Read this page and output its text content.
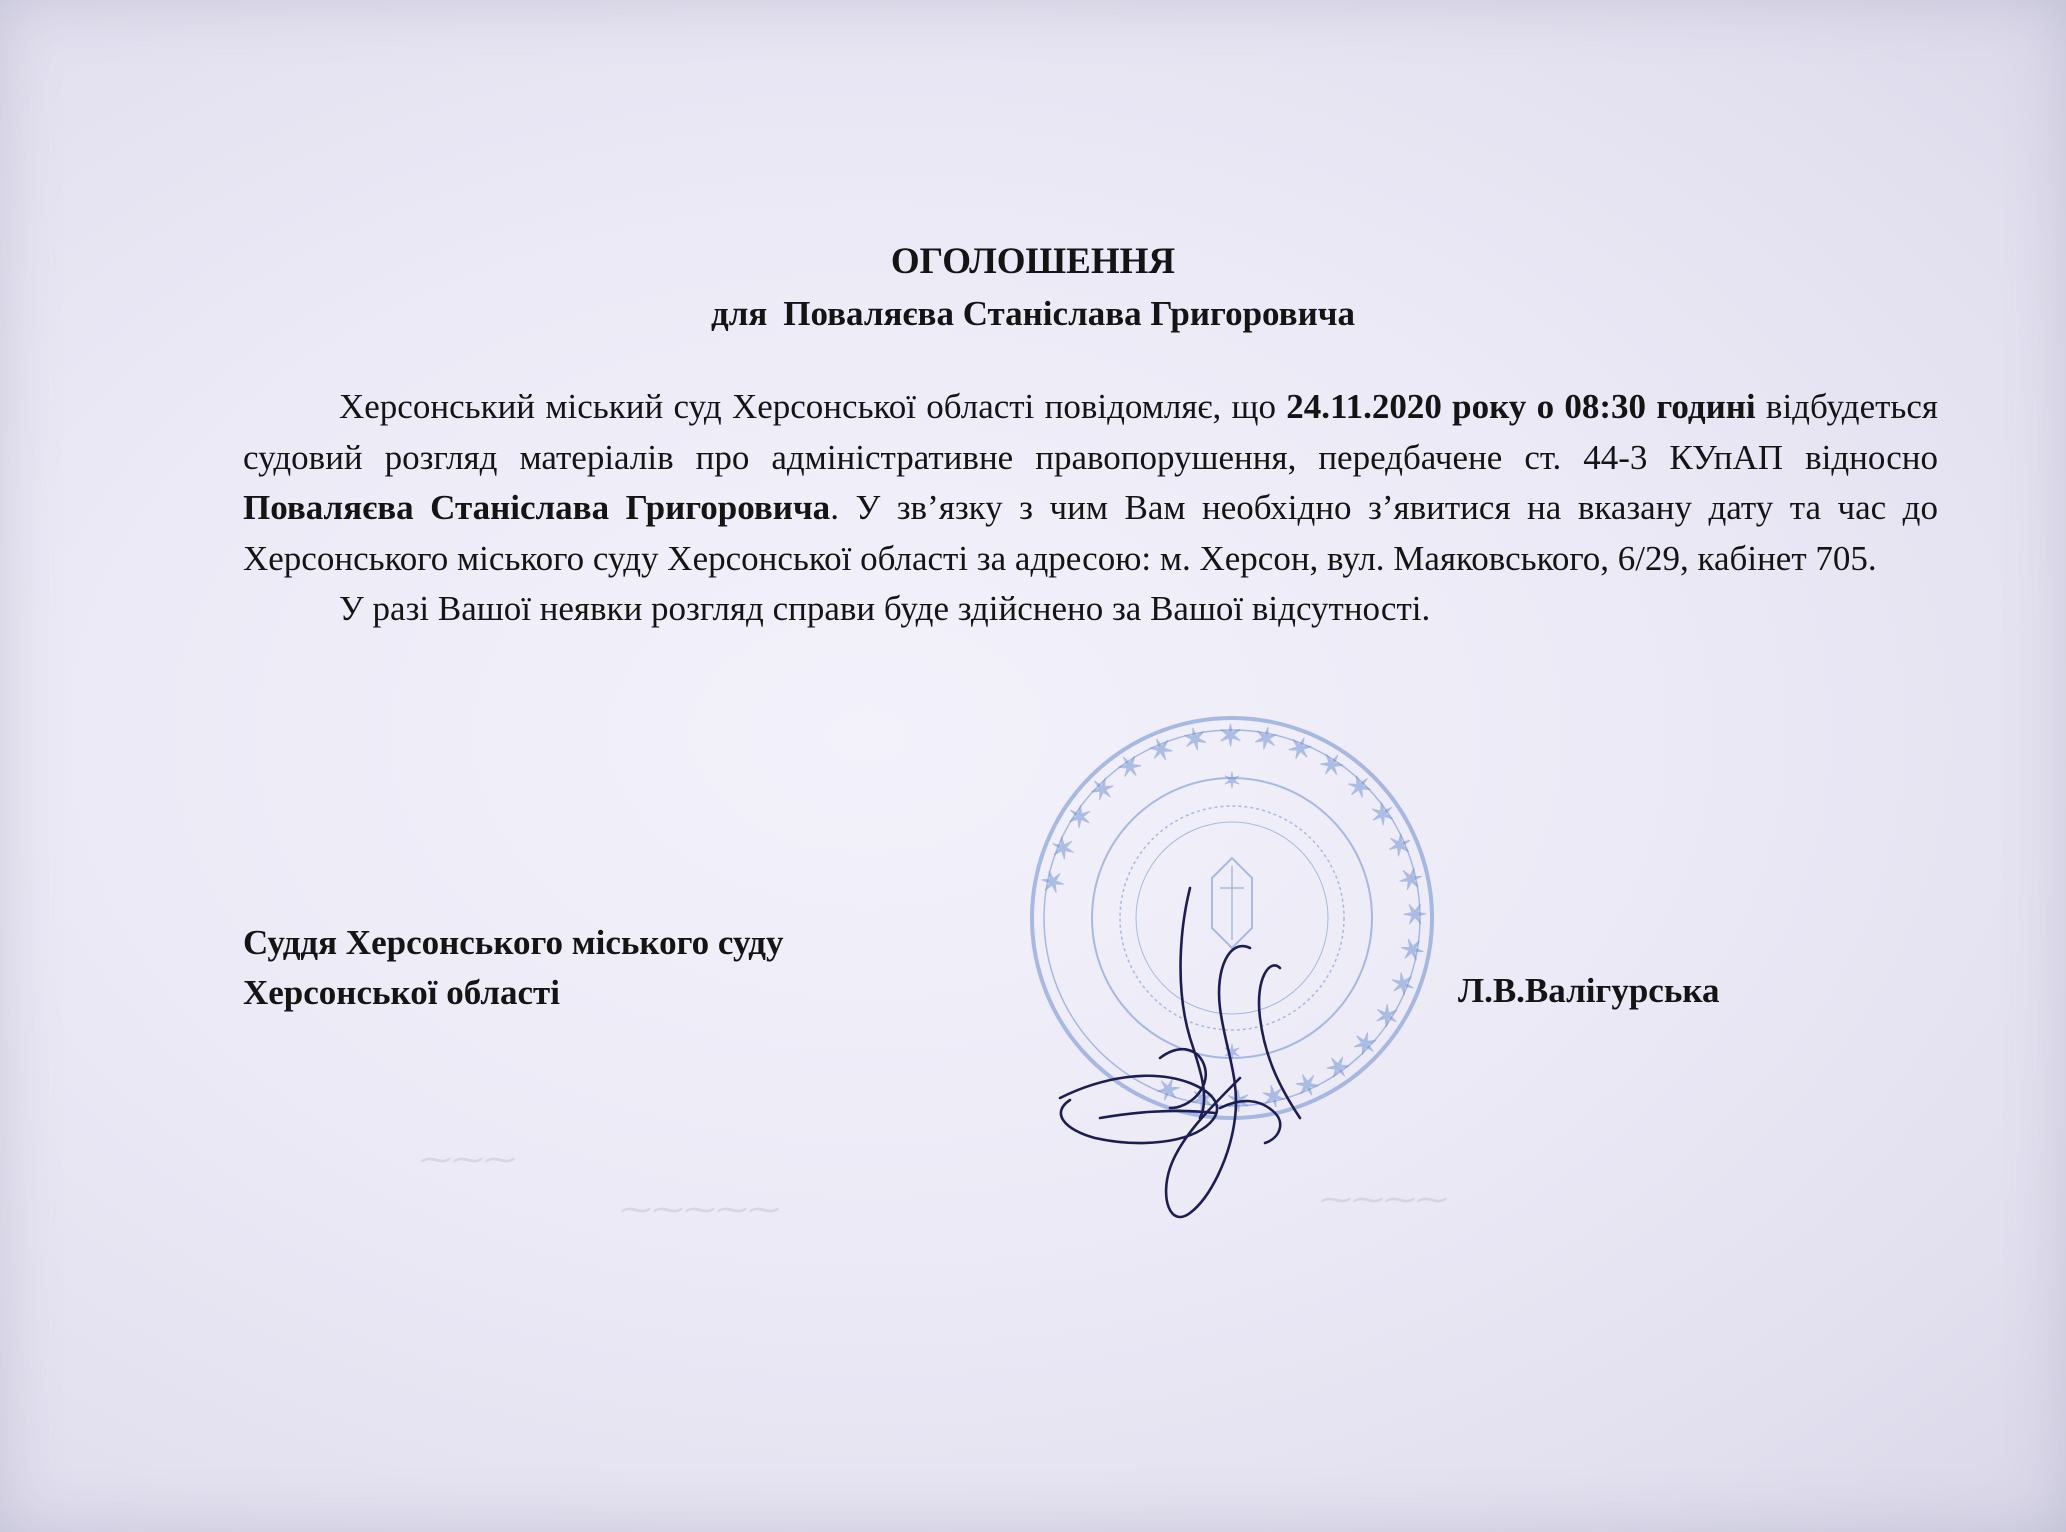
ОГОЛОШЕННЯ
для Поваляєва Станіслава Григоровича

Херсонський міський суд Херсонської області повідомляє, що 24.11.2020 року о 08:30 годині відбудеться судовий розгляд матеріалів про адміністративне правопорушення, передбачене ст. 44-3 КУпАП відносно Поваляєва Станіслава Григоровича. У зв’язку з чим Вам необхідно з’явитися на вказану дату та час до Херсонського міського суду Херсонської області за адресою: м. Херсон, вул. Маяковського, 6/29, кабінет 705.

У разі Вашої неявки розгляд справи буде здійснено за Вашої відсутності.

✶ ✶ ✶ ✶ ✶ ✶ ✶ ✶ ✶ ✶ ✶ ✶ ✶ ✶ ✶ ✶ ✶ ✶ ✶ ✶ ✶ ✶ ✶ ✶ ✶ ✶
✶
✶
Суддя Херсонського міського суду
Херсонської області	Л.В.Валігурська
⁓⁓⁓
⁓⁓⁓⁓⁓	⁓⁓⁓⁓
